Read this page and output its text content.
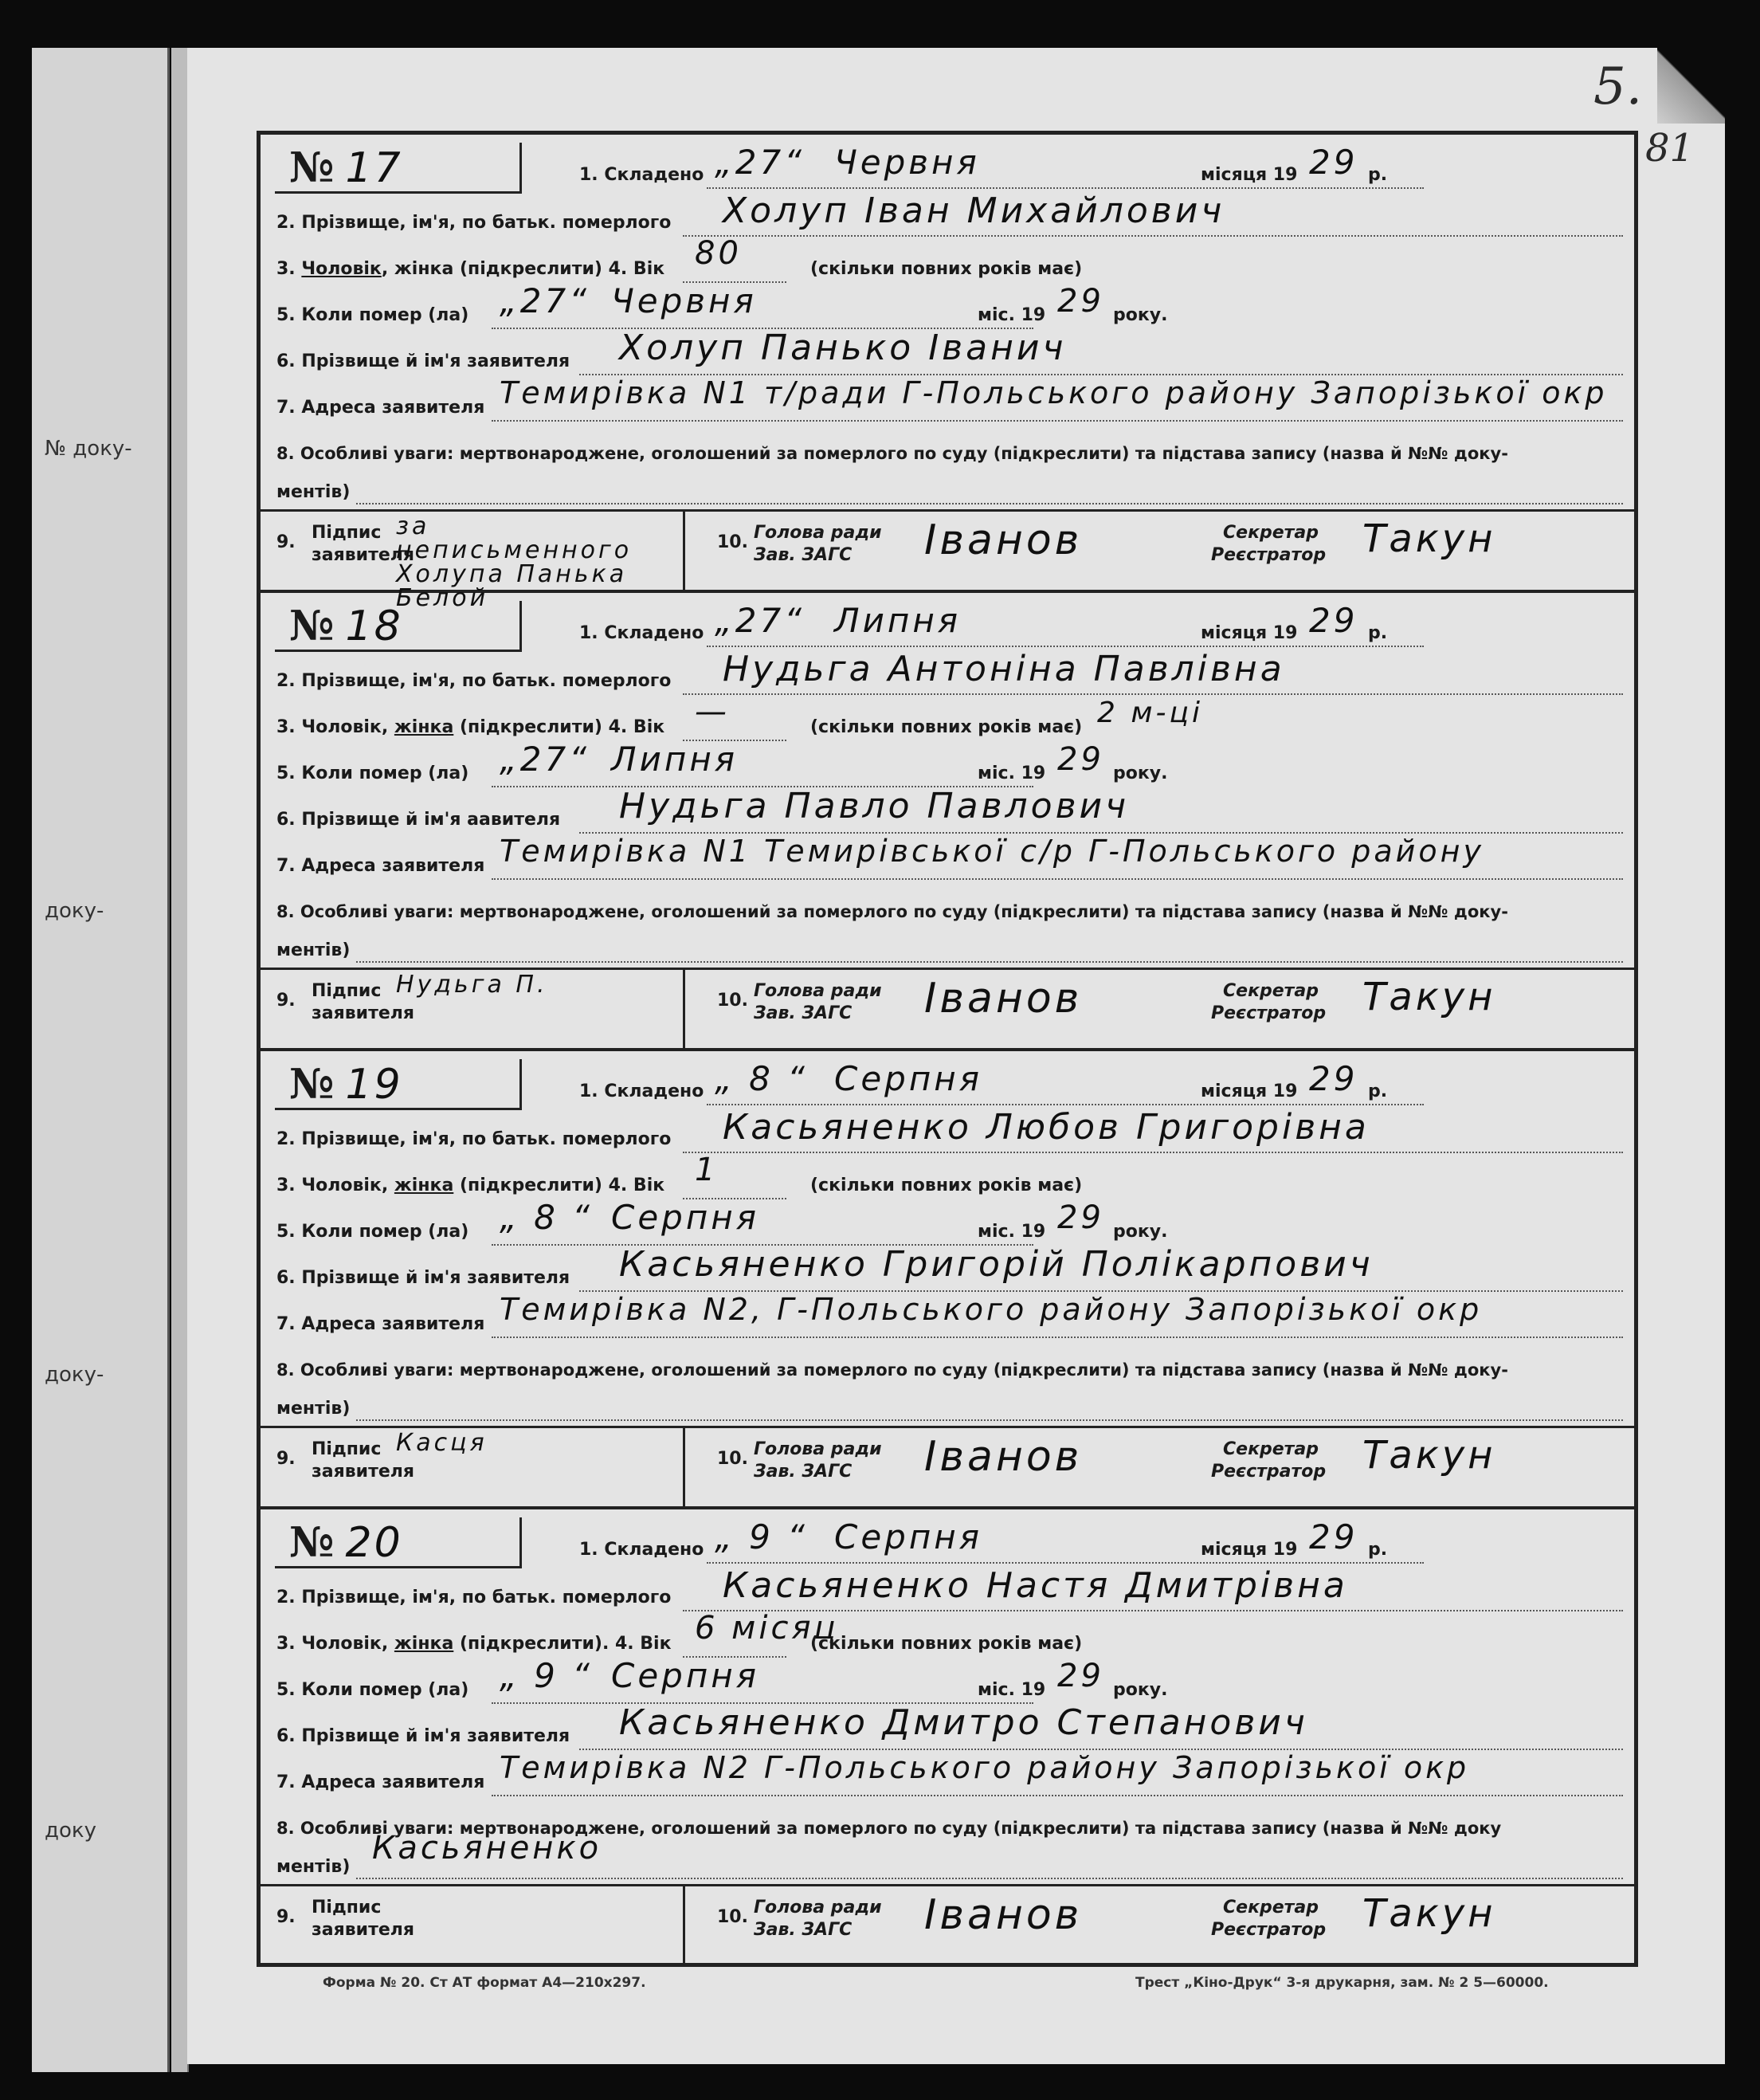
№ доку-
доку-
доку-
доку
5.
81
№ 17	1. Складено „27“ Червня	місяця 19 29 р.
2. Прізвище, ім'я, по батьк. померлого Холуп Іван Михайлович
3. Чоловік, жінка (підкреслити) 4. Вік 80	(скільки повних років має)
5. Коли помер (ла) „27“ Червня	міс. 19 29 року.
6. Прізвище й ім'я заявителя Холуп Панько Іванич
7. Адреса заявителя Темирівка N1 т/ради Г-Польського району Запорізької окр
8. Особливі уваги: мертвонароджене, оголошений за померлого по суду (підкреслити) та підстава запису (назва й №№ доку-
ментів)
9. Підпис
заявителя
за неписьменного Холупа Панька Белой
10. Голова ради
Зав. ЗАГС Іванов	Секретар
Реєстратор Такун
№ 18	1. Складено „27“ Липня	місяця 19 29 р.
2. Прізвище, ім'я, по батьк. померлого Нудьга Антоніна Павлівна
3. Чоловік, жінка (підкреслити) 4. Вік —	(скільки повних років має) 2 м-ці
5. Коли помер (ла) „27“ Липня	міс. 19 29 року.
6. Прізвище й ім'я аавителя Нудьга Павло Павлович
7. Адреса заявителя Темирівка N1 Темирівської с/р Г-Польського району
8. Особливі уваги: мертвонароджене, оголошений за померлого по суду (підкреслити) та підстава запису (назва й №№ доку-
ментів)
9. Підпис
заявителя
Нудьга П.
10. Голова ради
Зав. ЗАГС Іванов	Секретар
Реєстратор Такун
№ 19	1. Складено „ 8 “ Серпня	місяця 19 29 р.
2. Прізвище, ім'я, по батьк. померлого Касьяненко Любов Григорівна
3. Чоловік, жінка (підкреслити) 4. Вік 1	(скільки повних років має)
5. Коли помер (ла) „ 8 “ Серпня	міс. 19 29 року.
6. Прізвище й ім'я заявителя Касьяненко Григорій Полікарпович
7. Адреса заявителя Темирівка N2, Г-Польського району Запорізької окр
8. Особливі уваги: мертвонароджене, оголошений за померлого по суду (підкреслити) та підстава запису (назва й №№ доку-
ментів)
9. Підпис
заявителя
Касця
10. Голова ради
Зав. ЗАГС Іванов	Секретар
Реєстратор Такун
№ 20	1. Складено „ 9 “ Серпня	місяця 19 29 р.
2. Прізвище, ім'я, по батьк. померлого Касьяненко Настя Дмитрівна
3. Чоловік, жінка (підкреслити). 4. Вік 6 місяц
(скільки повних років має)
5. Коли помер (ла) „ 9 “ Серпня	міс. 19 29 року.
6. Прізвище й ім'я заявителя Касьяненко Дмитро Степанович
7. Адреса заявителя Темирівка N2 Г-Польського району Запорізької окр
8. Особливі уваги: мертвонароджене, оголошений за померлого по суду (підкреслити) та підстава запису (назва й №№ доку
ментів)
Касьяненко
9. Підпис
заявителя
10. Голова ради
Зав. ЗАГС Іванов	Секретар
Реєстратор Такун
Форма № 20. Ст АТ формат А4—210х297.	Трест „Кіно-Друк“ 3-я друкарня, зам. № 2 5—60000.
